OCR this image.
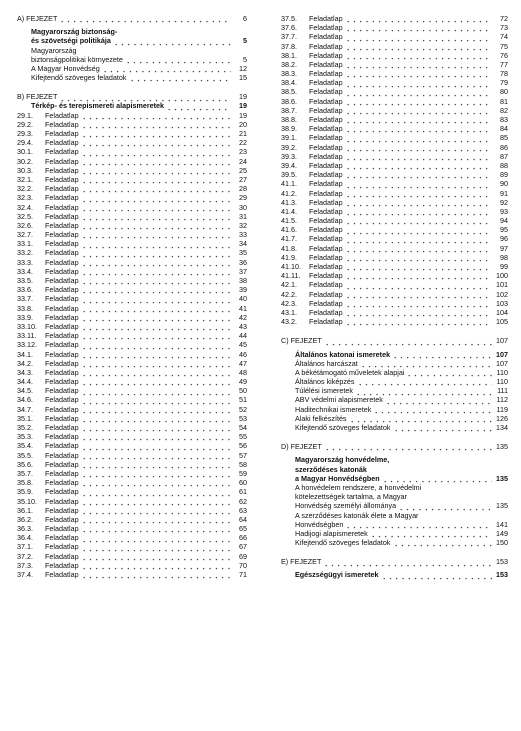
A) FEJEZET	6
Magyarország biztonság-
és szövetségi politikája	5
Magyarország
biztonságpolitikai környezete	5
A Magyar Honvédség	12
Kifejtendő szöveges feladatok	15
B) FEJEZET	19
Térkép- és terepismereti alapismeretek	19
29.1.	Feladatlap	19
29.2.	Feladatlap	20
29.3.	Feladatlap	21
29.4.	Feladatlap	22
30.1.	Feladatlap	23
30.2.	Feladatlap	24
30.3.	Feladatlap	25
32.1.	Feladatlap	27
32.2.	Feladatlap	28
32.3.	Feladatlap	29
32.4.	Feladatlap	30
32.5.	Feladatlap	31
32.6.	Feladatlap	32
32.7.	Feladatlap	33
33.1.	Feladatlap	34
33.2.	Feladatlap	35
33.3.	Feladatlap	36
33.4.	Feladatlap	37
33.5.	Feladatlap	38
33.6.	Feladatlap	39
33.7.	Feladatlap	40
33.8.	Feladatlap	41
33.9.	Feladatlap	42
33.10.	Feladatlap	43
33.11.	Feladatlap	44
33.12.	Feladatlap	45
34.1.	Feladatlap	46
34.2.	Feladatlap	47
34.3.	Feladatlap	48
34.4.	Feladatlap	49
34.5.	Feladatlap	50
34.6.	Feladatlap	51
34.7.	Feladatlap	52
35.1.	Feladatlap	53
35.2.	Feladatlap	54
35.3.	Feladatlap	55
35.4.	Feladatlap	56
35.5.	Feladatlap	57
35.6.	Feladatlap	58
35.7.	Feladatlap	59
35.8.	Feladatlap	60
35.9.	Feladatlap	61
35.10.	Feladatlap	62
36.1.	Feladatlap	63
36.2.	Feladatlap	64
36.3.	Feladatlap	65
36.4.	Feladatlap	66
37.1.	Feladatlap	67
37.2.	Feladatlap	69
37.3.	Feladatlap	70
37.4.	Feladatlap	71
37.5.	Feladatlap	72
37.6.	Feladatlap	73
37.7.	Feladatlap	74
37.8.	Feladatlap	75
38.1.	Feladatlap	76
38.2.	Feladatlap	77
38.3.	Feladatlap	78
38.4.	Feladatlap	79
38.5.	Feladatlap	80
38.6.	Feladatlap	81
38.7.	Feladatlap	82
38.8.	Feladatlap	83
38.9.	Feladatlap	84
39.1.	Feladatlap	85
39.2.	Feladatlap	86
39.3.	Feladatlap	87
39.4.	Feladatlap	88
39.5.	Feladatlap	89
41.1.	Feladatlap	90
41.2.	Feladatlap	91
41.3.	Feladatlap	92
41.4.	Feladatlap	93
41.5.	Feladatlap	94
41.6.	Feladatlap	95
41.7.	Feladatlap	96
41.8.	Feladatlap	97
41.9.	Feladatlap	98
41.10.	Feladatlap	99
41.11.	Feladatlap	100
42.1.	Feladatlap	101
42.2.	Feladatlap	102
42.3.	Feladatlap	103
43.1.	Feladatlap	104
43.2.	Feladatlap	105
C) FEJEZET	107
Általános katonai ismeretek	107
Általános harcászat	107
A békétámogató műveletek alapjai	110
Általános kiképzés	110
Túlélési ismeretek	111
ABV védelmi alapismeretek	112
Haditechnikai ismeretek	119
Alaki felkészítés	126
Kifejtendő szöveges feladatok	134
D) FEJEZET	135
Magyarország honvédelme,
szerződéses katonák
a Magyar Honvédségben	135
A honvédelem rendszere, a honvédelmi
kötelezettségek tartalma, a Magyar
Honvédség személyi állománya	135
A szerződéses katonák élete a Magyar
Honvédségben	141
Hadijogi alapismeretek	149
Kifejtendő szöveges feladatok	150
E) FEJEZET	153
Egészségügyi ismeretek	153
